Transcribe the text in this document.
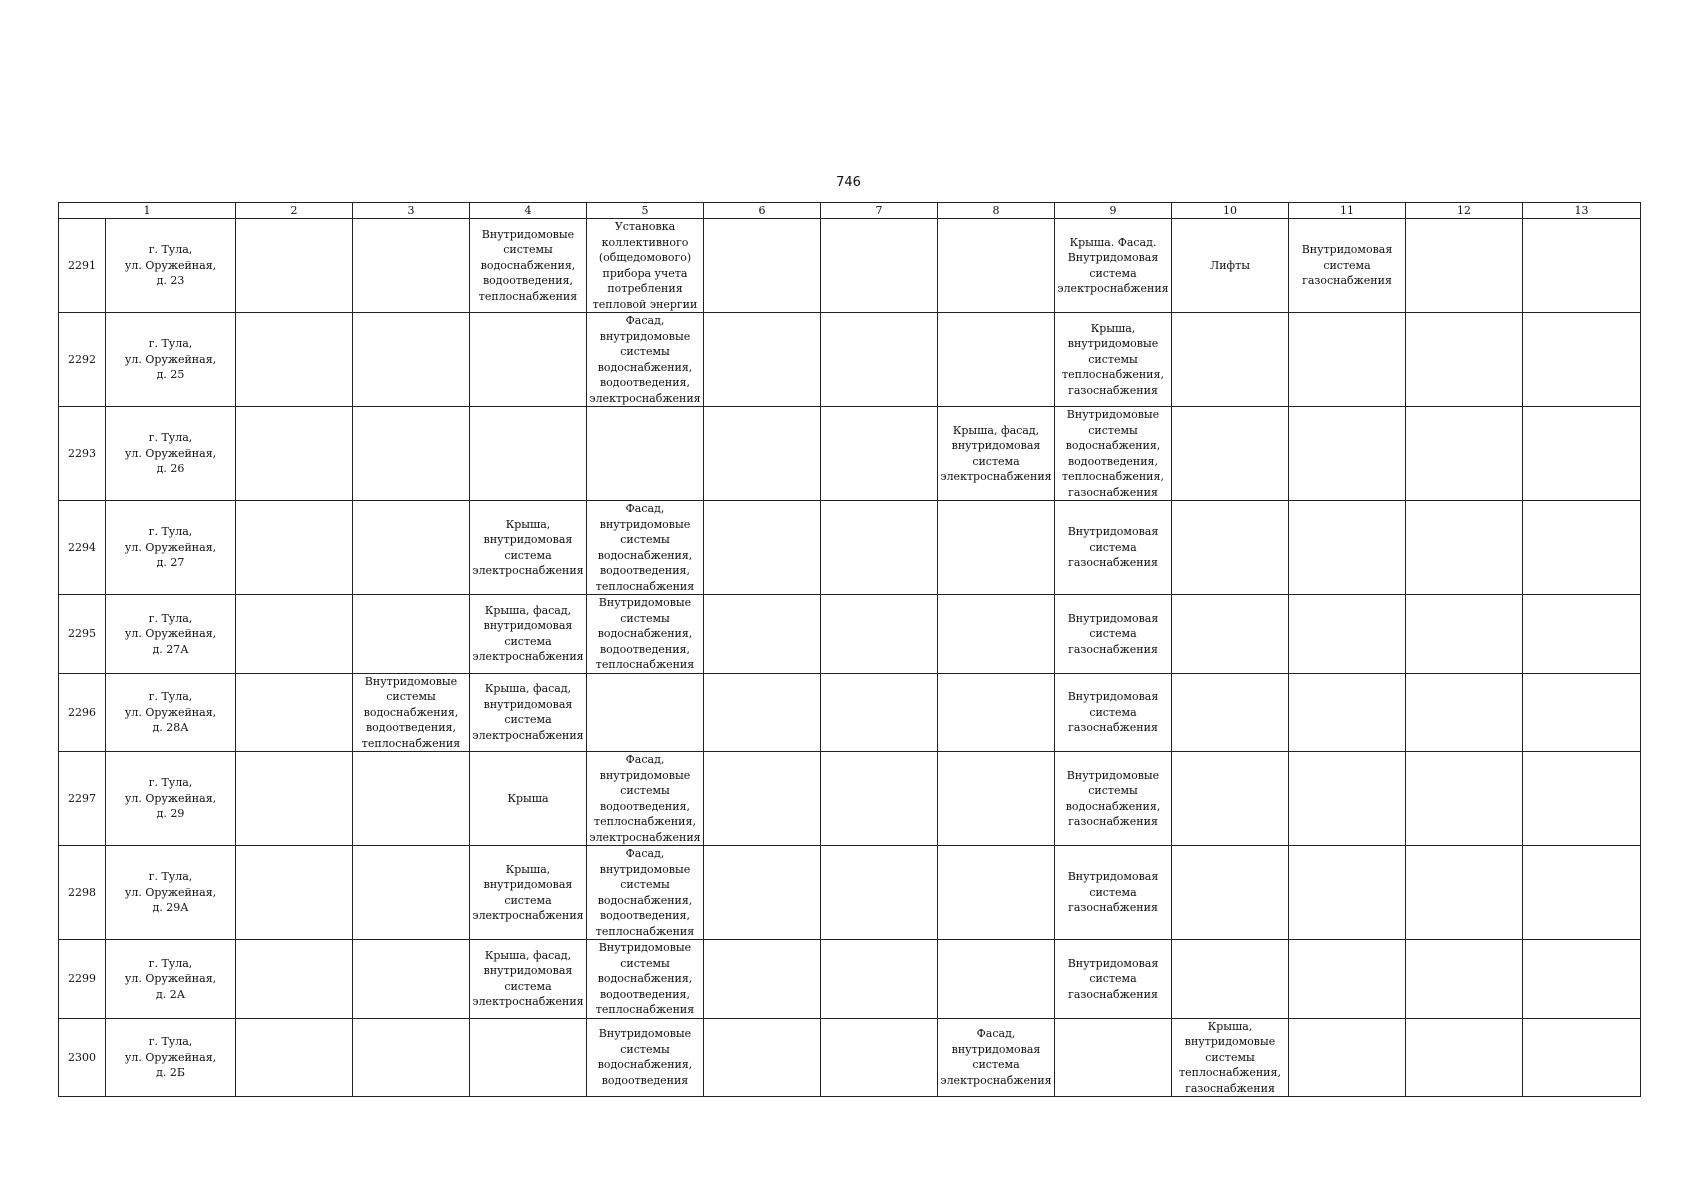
746
1		2	3	4	5	6	7	8	9	10	11	12	13
2291	г. Тула,
ул. Оружейная,
д. 23			Внутридомовые системы водоснабжения, водоотведения, теплоснабжения	Установка коллективного (общедомового) прибора учета потребления тепловой энергии				Крыша. Фасад. Внутридомовая система электроснабжения	Лифты	Внутридомовая система газоснабжения		

2292	г. Тула,
ул. Оружейная,
д. 25				Фасад, внутридомовые системы водоснабжения, водоотведения, электроснабжения				Крыша, внутридомовые системы теплоснабжения, газоснабжения				

2293	г. Тула,
ул. Оружейная,
д. 26							Крыша, фасад, внутридомовая система электроснабжения	Внутридомовые системы водоснабжения, водоотведения, теплоснабжения, газоснабжения				

2294	г. Тула,
ул. Оружейная,
д. 27			Крыша, внутридомовая система электроснабжения	Фасад, внутридомовые системы водоснабжения, водоотведения, теплоснабжения				Внутридомовая система газоснабжения				

2295	г. Тула,
ул. Оружейная,
д. 27А			Крыша, фасад, внутридомовая система электроснабжения	Внутридомовые системы водоснабжения, водоотведения, теплоснабжения				Внутридомовая система газоснабжения				

2296	г. Тула,
ул. Оружейная,
д. 28А		Внутридомовые системы водоснабжения, водоотведения, теплоснабжения	Крыша, фасад, внутридомовая система электроснабжения					Внутридомовая система газоснабжения				

2297	г. Тула,
ул. Оружейная,
д. 29			Крыша	Фасад, внутридомовые системы водоотведения, теплоснабжения, электроснабжения				Внутридомовые системы водоснабжения, газоснабжения				

2298	г. Тула,
ул. Оружейная,
д. 29А			Крыша, внутридомовая система электроснабжения	Фасад, внутридомовые системы водоснабжения, водоотведения, теплоснабжения				Внутридомовая система газоснабжения				

2299	г. Тула,
ул. Оружейная,
д. 2А			Крыша, фасад, внутридомовая система электроснабжения	Внутридомовые системы водоснабжения, водоотведения, теплоснабжения				Внутридомовая система газоснабжения				

2300	г. Тула,
ул. Оружейная,
д. 2Б				Внутридомовые системы водоснабжения, водоотведения			Фасад, внутридомовая система электроснабжения		Крыша, внутридомовые системы теплоснабжения, газоснабжения			
